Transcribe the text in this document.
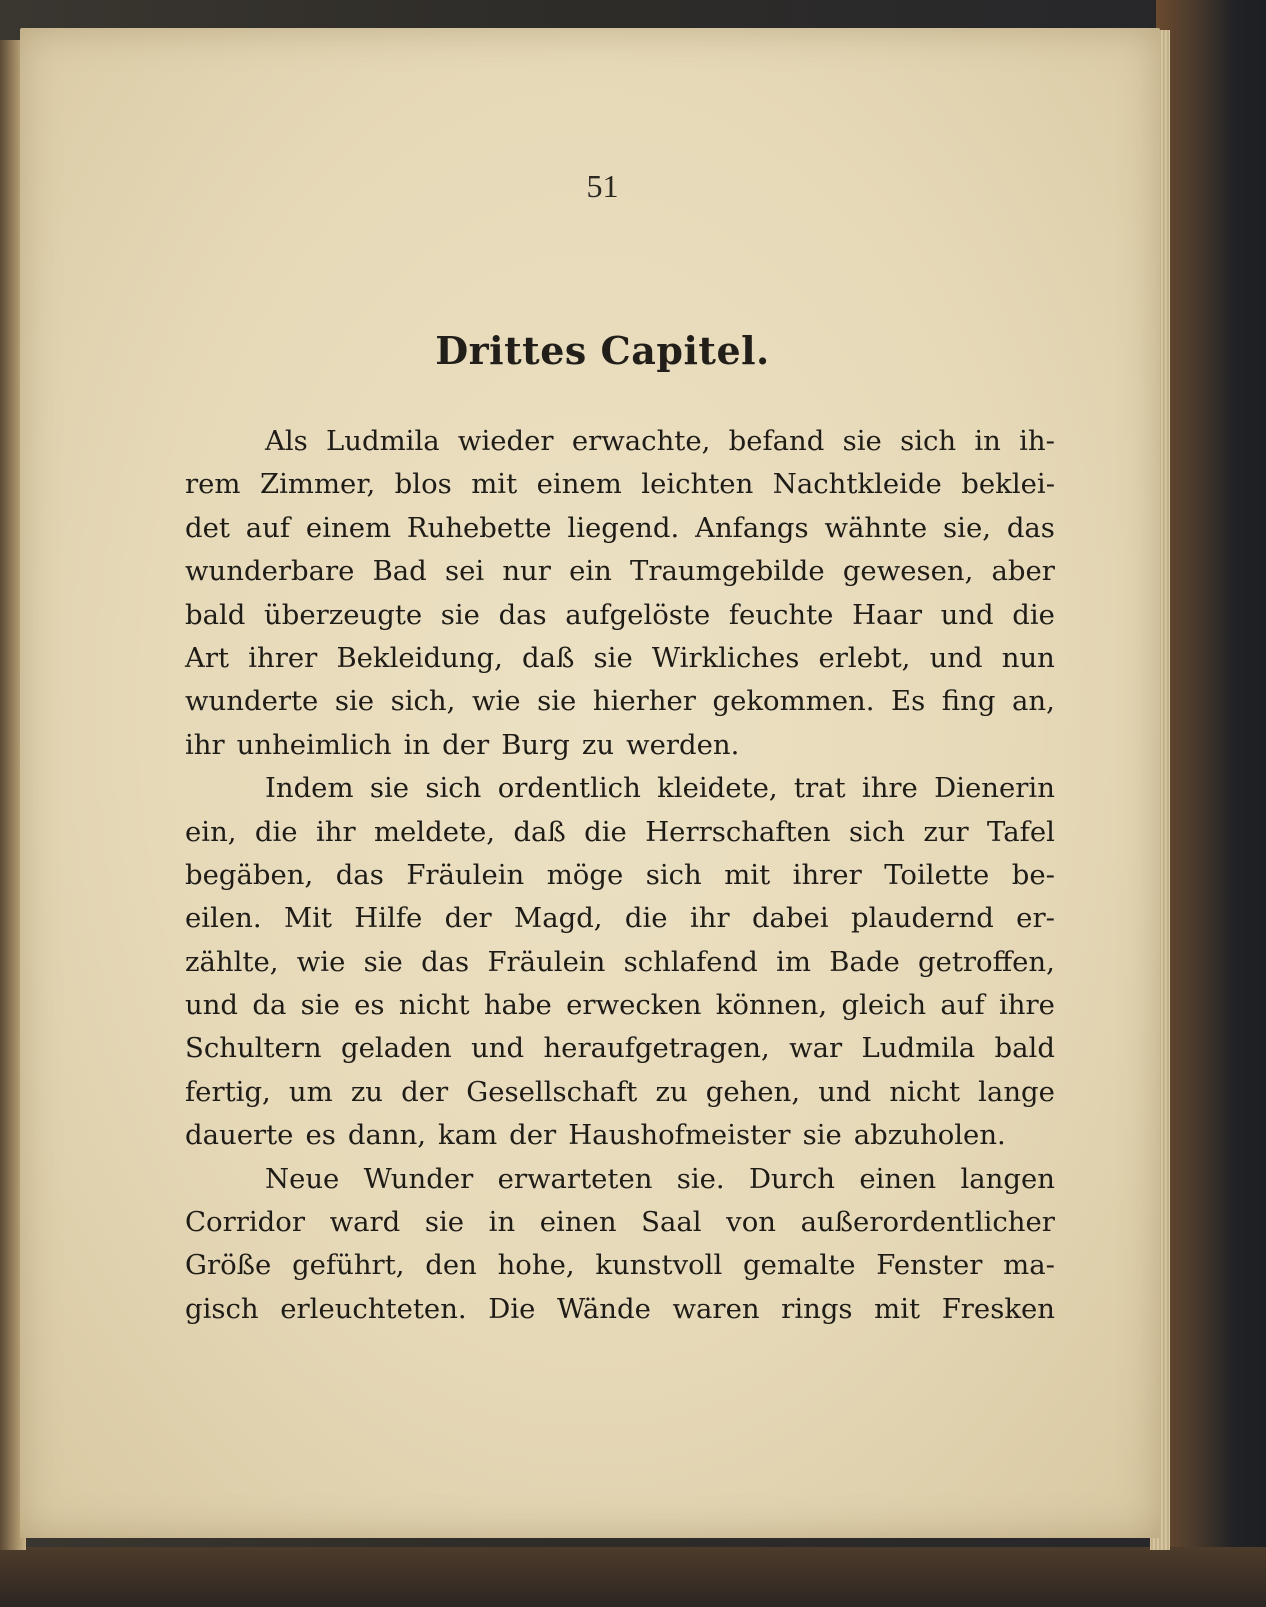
51

Drittes Capitel.
Als Ludmila wieder erwachte, befand sie sich in ih-
rem Zimmer, blos mit einem leichten Nachtkleide beklei-
det auf einem Ruhebette liegend. Anfangs wähnte sie, das
wunderbare Bad sei nur ein Traumgebilde gewesen, aber
bald überzeugte sie das aufgelöste feuchte Haar und die
Art ihrer Bekleidung, daß sie Wirkliches erlebt, und nun
wunderte sie sich, wie sie hierher gekommen. Es fing an,
ihr unheimlich in der Burg zu werden.
Indem sie sich ordentlich kleidete, trat ihre Dienerin
ein, die ihr meldete, daß die Herrschaften sich zur Tafel
begäben, das Fräulein möge sich mit ihrer Toilette be-
eilen. Mit Hilfe der Magd, die ihr dabei plaudernd er-
zählte, wie sie das Fräulein schlafend im Bade getroffen,
und da sie es nicht habe erwecken können, gleich auf ihre
Schultern geladen und heraufgetragen, war Ludmila bald
fertig, um zu der Gesellschaft zu gehen, und nicht lange
dauerte es dann, kam der Haushofmeister sie abzuholen.
Neue Wunder erwarteten sie. Durch einen langen
Corridor ward sie in einen Saal von außerordentlicher
Größe geführt, den hohe, kunstvoll gemalte Fenster ma-
gisch erleuchteten. Die Wände waren rings mit Fresken
